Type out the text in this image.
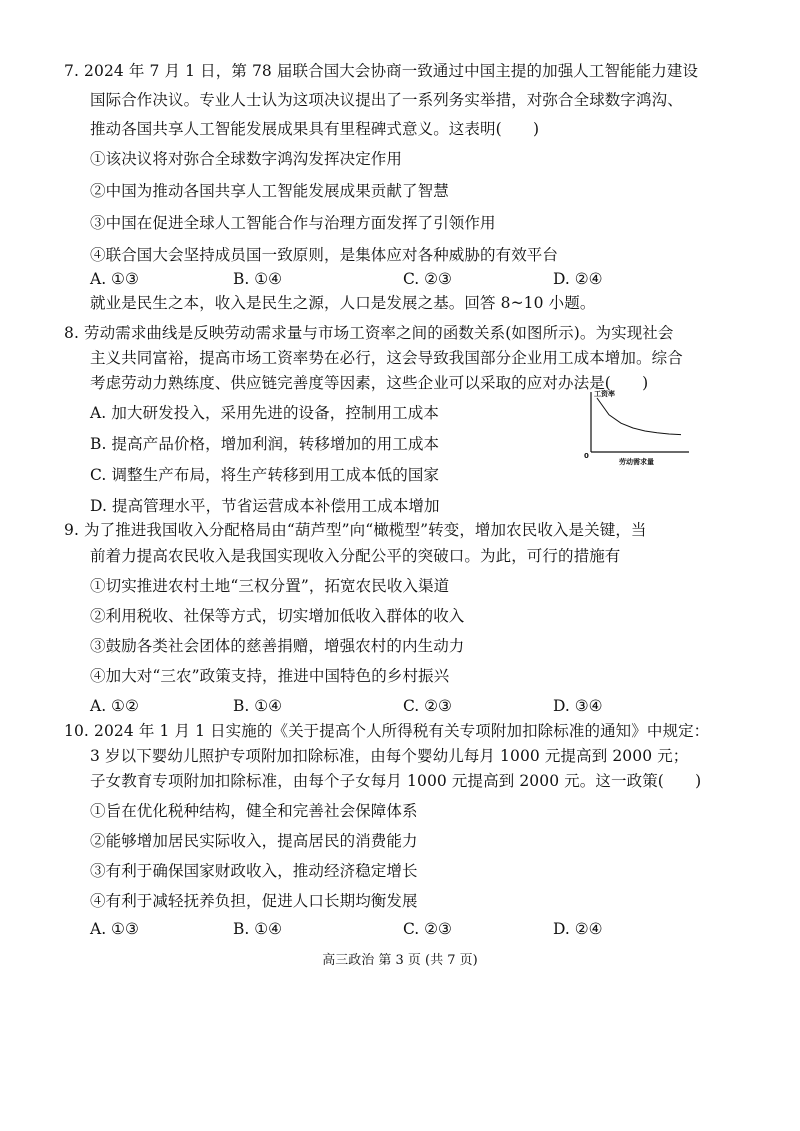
7. 2024 年 7 月 1 日，第 78 届联合国大会协商一致通过中国主提的加强人工智能能力建设
国际合作决议。专业人士认为这项决议提出了一系列务实举措，对弥合全球数字鸿沟、
推动各国共享人工智能发展成果具有里程碑式意义。这表明(　　)
①该决议将对弥合全球数字鸿沟发挥决定作用
②中国为推动各国共享人工智能发展成果贡献了智慧
③中国在促进全球人工智能合作与治理方面发挥了引领作用
④联合国大会坚持成员国一致原则，是集体应对各种威胁的有效平台
A. ①③	B. ①④	C. ②③	D. ②④
就业是民生之本，收入是民生之源，人口是发展之基。回答 8~10 小题。
8. 劳动需求曲线是反映劳动需求量与市场工资率之间的函数关系(如图所示)。为实现社会
主义共同富裕，提高市场工资率势在必行，这会导致我国部分企业用工成本增加。综合
考虑劳动力熟练度、供应链完善度等因素，这些企业可以采取的应对办法是(　　)
A. 加大研发投入，采用先进的设备，控制用工成本
B. 提高产品价格，增加利润，转移增加的用工成本
C. 调整生产布局，将生产转移到用工成本低的国家
D. 提高管理水平，节省运营成本补偿用工成本增加
工资率
0
劳动需求量
9. 为了推进我国收入分配格局由“葫芦型”向“橄榄型”转变，增加农民收入是关键，当
前着力提高农民收入是我国实现收入分配公平的突破口。为此，可行的措施有
①切实推进农村土地“三权分置”，拓宽农民收入渠道
②利用税收、社保等方式，切实增加低收入群体的收入
③鼓励各类社会团体的慈善捐赠，增强农村的内生动力
④加大对“三农”政策支持，推进中国特色的乡村振兴
A. ①②	B. ①④	C. ②③	D. ③④
10. 2024 年 1 月 1 日实施的《关于提高个人所得税有关专项附加扣除标准的通知》中规定：
3 岁以下婴幼儿照护专项附加扣除标准，由每个婴幼儿每月 1000 元提高到 2000 元；
子女教育专项附加扣除标准，由每个子女每月 1000 元提高到 2000 元。这一政策(　　)
①旨在优化税种结构，健全和完善社会保障体系
②能够增加居民实际收入，提高居民的消费能力
③有利于确保国家财政收入，推动经济稳定增长
④有利于减轻抚养负担，促进人口长期均衡发展
A. ①③	B. ①④	C. ②③	D. ②④
高三政治 第 3 页 (共 7 页)
